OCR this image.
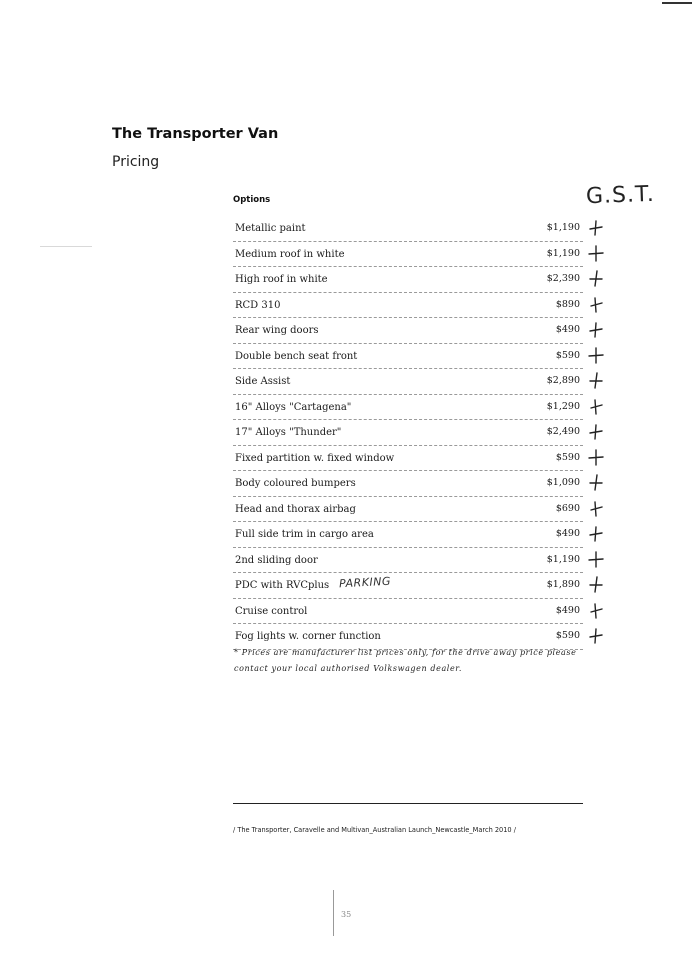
The Transporter Van
Pricing
Options	G.S.T.
Metallic paint	$1,190
Medium roof in white	$1,190
High roof in white	$2,390
RCD 310	$890
Rear wing doors	$490
Double bench seat front	$590
Side Assist	$2,890
16" Alloys "Cartagena"	$1,290
17" Alloys "Thunder"	$2,490
Fixed partition w. fixed window	$590
Body coloured bumpers	$1,090
Head and thorax airbag	$690
Full side trim in cargo area	$490
2nd sliding door	$1,190
PDC with RVCplus PARKING	$1,890
Cruise control	$490
Fog lights w. corner function	$590
* Prices are manufacturer list prices only, for the drive away price please
contact your local authorised Volkswagen dealer.
/ The Transporter, Caravelle and Multivan_Australian Launch_Newcastle_March 2010 /
35
